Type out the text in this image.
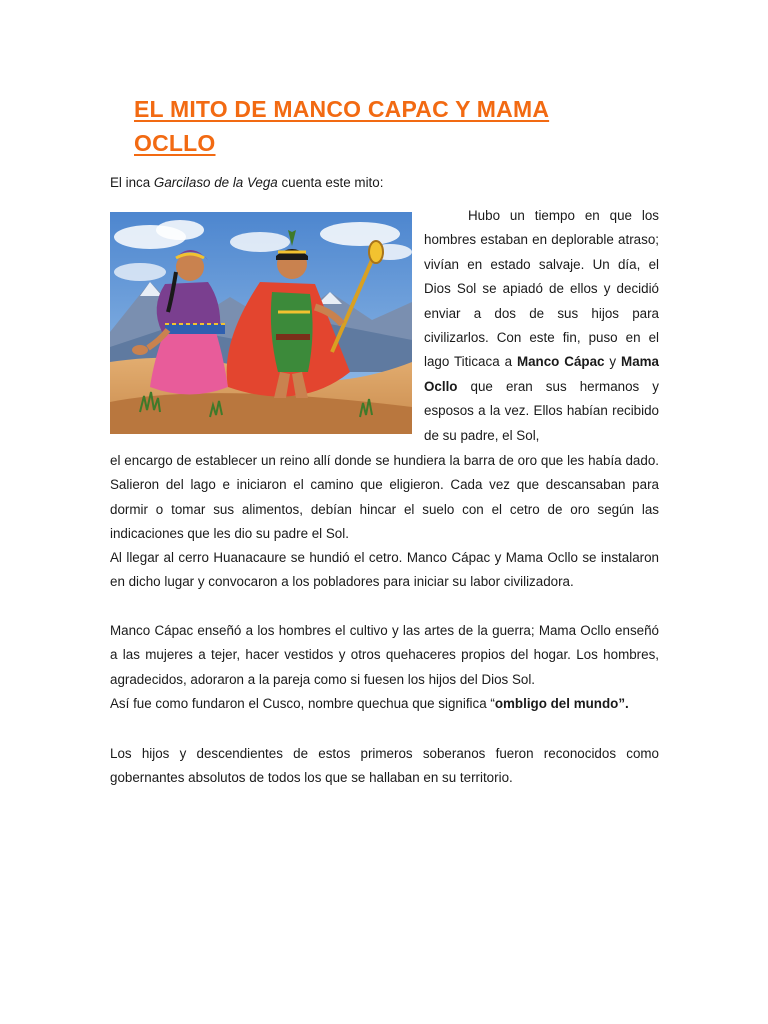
EL MITO DE MANCO CAPAC Y MAMA
OCLLO
El inca Garcilaso de la Vega cuenta este mito:
Hubo un tiempo en que los hombres estaban en deplorable atraso; vivían en estado salvaje. Un día, el Dios Sol se apiadó de ellos y decidió enviar a dos de sus hijos para civilizarlos. Con este fin, puso en el lago Titicaca a Manco Cápac y Mama Ocllo que eran sus hermanos y esposos a la vez. Ellos habían recibido de su padre, el Sol,
el encargo de establecer un reino allí donde se hundiera la barra de oro que les había dado. Salieron del lago e iniciaron el camino que eligieron. Cada vez que descansaban para dormir o tomar sus alimentos, debían hincar el suelo con el cetro de oro según las indicaciones que les dio su padre el Sol.
Al llegar al cerro Huanacaure se hundió el cetro. Manco Cápac y Mama Ocllo se instalaron en dicho lugar y convocaron a los pobladores para iniciar su labor civilizadora.
Manco Cápac enseñó a los hombres el cultivo y las artes de la guerra; Mama Ocllo enseñó a las mujeres a tejer, hacer vestidos y otros quehaceres propios del hogar. Los hombres, agradecidos, adoraron a la pareja como si fuesen los hijos del Dios Sol.
Así fue como fundaron el Cusco, nombre quechua que significa “ombligo del mundo”.
Los hijos y descendientes de estos primeros soberanos fueron reconocidos como gobernantes absolutos de todos los que se hallaban en su territorio.
